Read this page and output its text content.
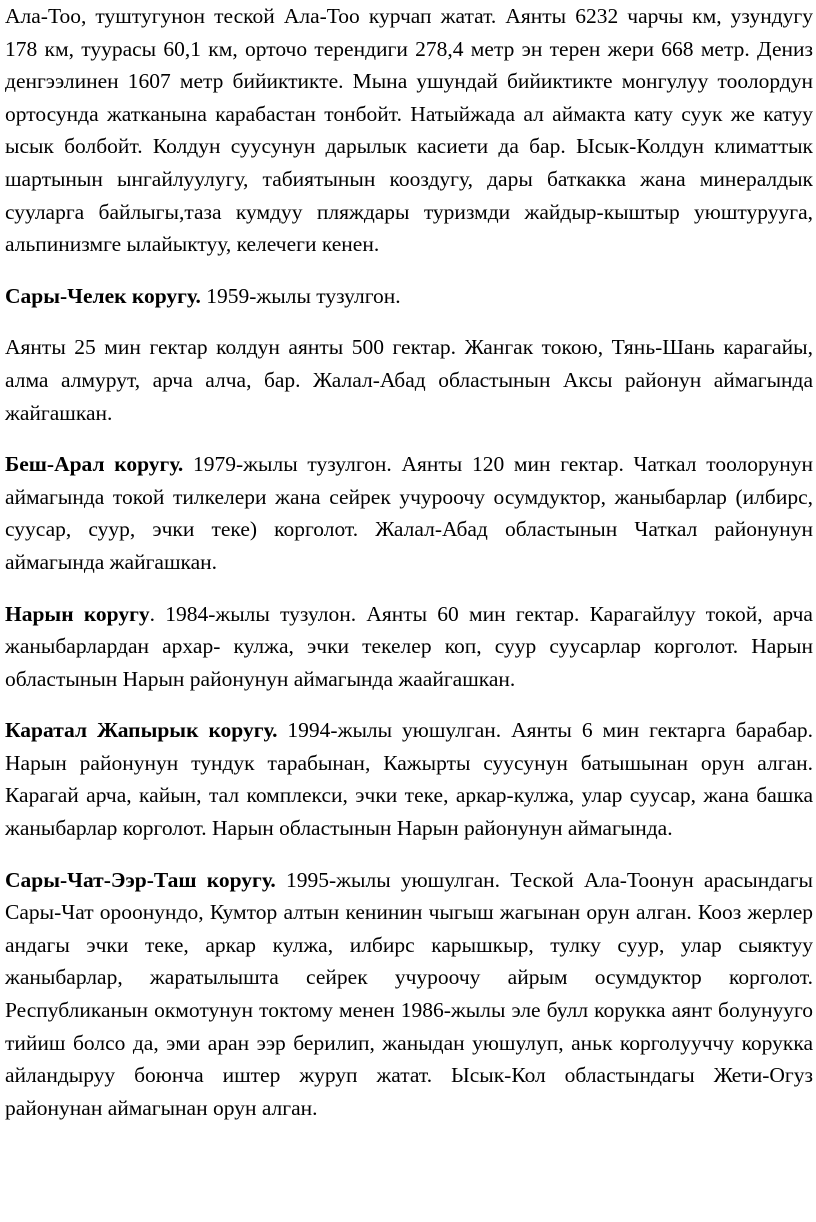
Ала-Тоо, туштугунон теской Ала-Тоо курчап жатат. Аянты 6232 чарчы км, узундугу 178 км, туурасы 60,1 км, орточо терендиги 278,4 метр эн терен жери 668 метр. Дениз денгээлинен 1607 метр бийиктикте. Мына ушундай бийиктикте монгулуу тоолордун ортосунда жатканына карабастан тонбойт. Натыйжада ал аймакта кату суук же катуу ысык болбойт. Колдун суусунун дарылык касиети да бар. Ысык-Колдун климаттык шартынын ынгайлуулугу, табиятынын кооздугу, дары баткакка жана минералдык сууларга байлыгы,таза кумдуу пляждары туризмди жайдыр-кыштыр уюштурууга, альпинизмге ылайыктуу, келечеги кенен.

Сары-Челек коругу. 1959-жылы тузулгон.

Аянты 25 мин гектар колдун аянты 500 гектар. Жангак токою, Тянь-Шань карагайы, алма алмурут, арча алча, бар. Жалал-Абад областынын Аксы районун аймагында жайгашкан.

Беш-Арал коругу. 1979-жылы тузулгон. Аянты 120 мин гектар. Чаткал тоолорунун аймагында токой тилкелери жана сейрек учуроочу осумдуктор, жаныбарлар (илбирс, суусар, суур, эчки теке) корголот. Жалал-Абад областынын Чаткал районунун аймагында жайгашкан.

Нарын коругу. 1984-жылы тузулон. Аянты 60 мин гектар. Карагайлуу токой, арча жаныбарлардан архар- кулжа, эчки текелер коп, суур суусарлар корголот. Нарын областынын Нарын районунун аймагында жаайгашкан.

Каратал Жапырык коругу. 1994-жылы уюшулган. Аянты 6 мин гектарга барабар. Нарын районунун тундук тарабынан, Кажырты суусунун батышынан орун алган. Карагай арча, кайын, тал комплекси, эчки теке, аркар-кулжа, улар суусар, жана башка жаныбарлар корголот. Нарын областынын Нарын районунун аймагында.

Сары-Чат-Ээр-Таш коругу. 1995-жылы уюшулган. Теской Ала-Тоонун арасындагы Сары-Чат ороонундо, Кумтор алтын кенинин чыгыш жагынан орун алган. Кооз жерлер андагы эчки теке, аркар кулжа, илбирс карышкыр, тулку суур, улар сыяктуу жаныбарлар, жаратылышта сейрек учуроочу айрым осумдуктор корголот. Республиканын окмотунун токтому менен 1986-жылы эле булл корукка аянт болунууго тийиш болсо да, эми аран ээр берилип, жаныдан уюшулуп, аньк корголууччу корукка айландыруу боюнча иштер журуп жатат. Ысык-Кол областындагы Жети-Огуз районунан аймагынан орун алган.
